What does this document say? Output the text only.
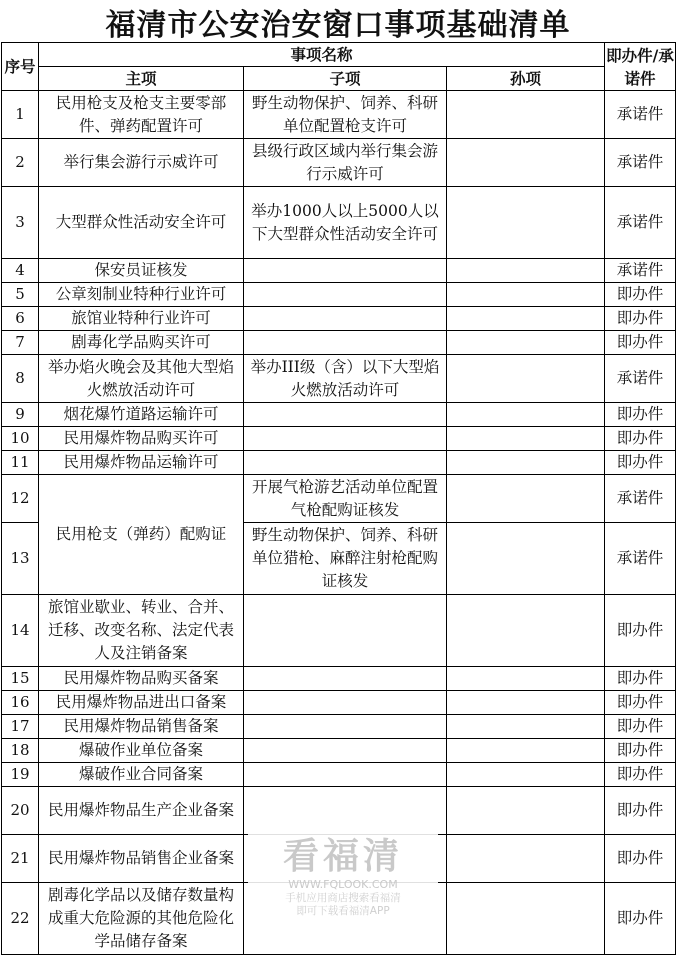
福清市公安治安窗口事项基础清单
序号	事项名称			即办件/承诺件
	主项	子项	孙项	
1	民用枪支及枪支主要零部件、弹药配置许可	野生动物保护、饲养、科研单位配置枪支许可		承诺件
2	举行集会游行示威许可	县级行政区域内举行集会游行示威许可		承诺件
3	大型群众性活动安全许可	举办1000人以上5000人以下大型群众性活动安全许可		承诺件
4	保安员证核发			承诺件
5	公章刻制业特种行业许可			即办件
6	旅馆业特种行业许可			即办件
7	剧毒化学品购买许可			即办件
8	举办焰火晚会及其他大型焰火燃放活动许可	举办III级（含）以下大型焰火燃放活动许可		承诺件
9	烟花爆竹道路运输许可			即办件
10	民用爆炸物品购买许可			即办件
11	民用爆炸物品运输许可			即办件
12	民用枪支（弹药）配购证	开展气枪游艺活动单位配置气枪配购证核发		承诺件
13		野生动物保护、饲养、科研单位猎枪、麻醉注射枪配购证核发		承诺件
14	旅馆业歇业、转业、合并、迁移、改变名称、法定代表人及注销备案			即办件
15	民用爆炸物品购买备案			即办件
16	民用爆炸物品进出口备案			即办件
17	民用爆炸物品销售备案			即办件
18	爆破作业单位备案			即办件
19	爆破作业合同备案			即办件
20	民用爆炸物品生产企业备案			即办件
21	民用爆炸物品销售企业备案			即办件
22	剧毒化学品以及储存数量构成重大危险源的其他危险化学品储存备案			即办件
看福清
WWW.FQLOOK.COM
手机应用商店搜索看福清
即可下载看福清APP
